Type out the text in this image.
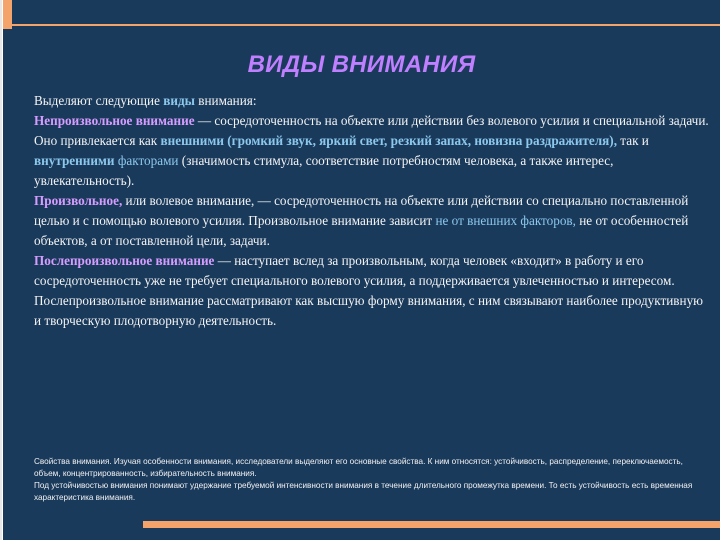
ВИДЫ ВНИМАНИЯ

Выделяют следующие виды внимания:

Непроизвольное внимание — сосредоточенность на объекте или действии без волевого усилия и специальной задачи. Оно привлекается как внешними (громкий звук, яркий свет, резкий запах, новизна раздражителя), так и внутренними факторами (значимость стимула, соответствие потребностям человека, а также интерес, увлекательность).

Произвольное, или волевое внимание, — сосредоточенность на объекте или действии со специально поставленной целью и с помощью волевого усилия. Произвольное внимание зависит не от внешних факторов, не от особенностей объектов, а от поставленной цели, задачи.

Послепроизвольное внимание — наступает вслед за произвольным, когда человек «входит» в работу и его сосредоточенность уже не требует специального волевого усилия, а поддерживается увлеченностью и интересом. Послепроизвольное внимание рассматривают как высшую форму внимания, с ним связывают наиболее продуктивную и творческую плодотворную деятельность.

Свойства внимания. Изучая особенности внимания, исследователи выделяют его основные свойства. К ним относятся: устойчивость, распределение, переключаемость, объем, концентрированность, избирательность внимания.

Под устойчивостью внимания понимают удержание требуемой интенсивности внимания в течение длительного промежутка времени. То есть устойчивость есть временная характеристика внимания.
